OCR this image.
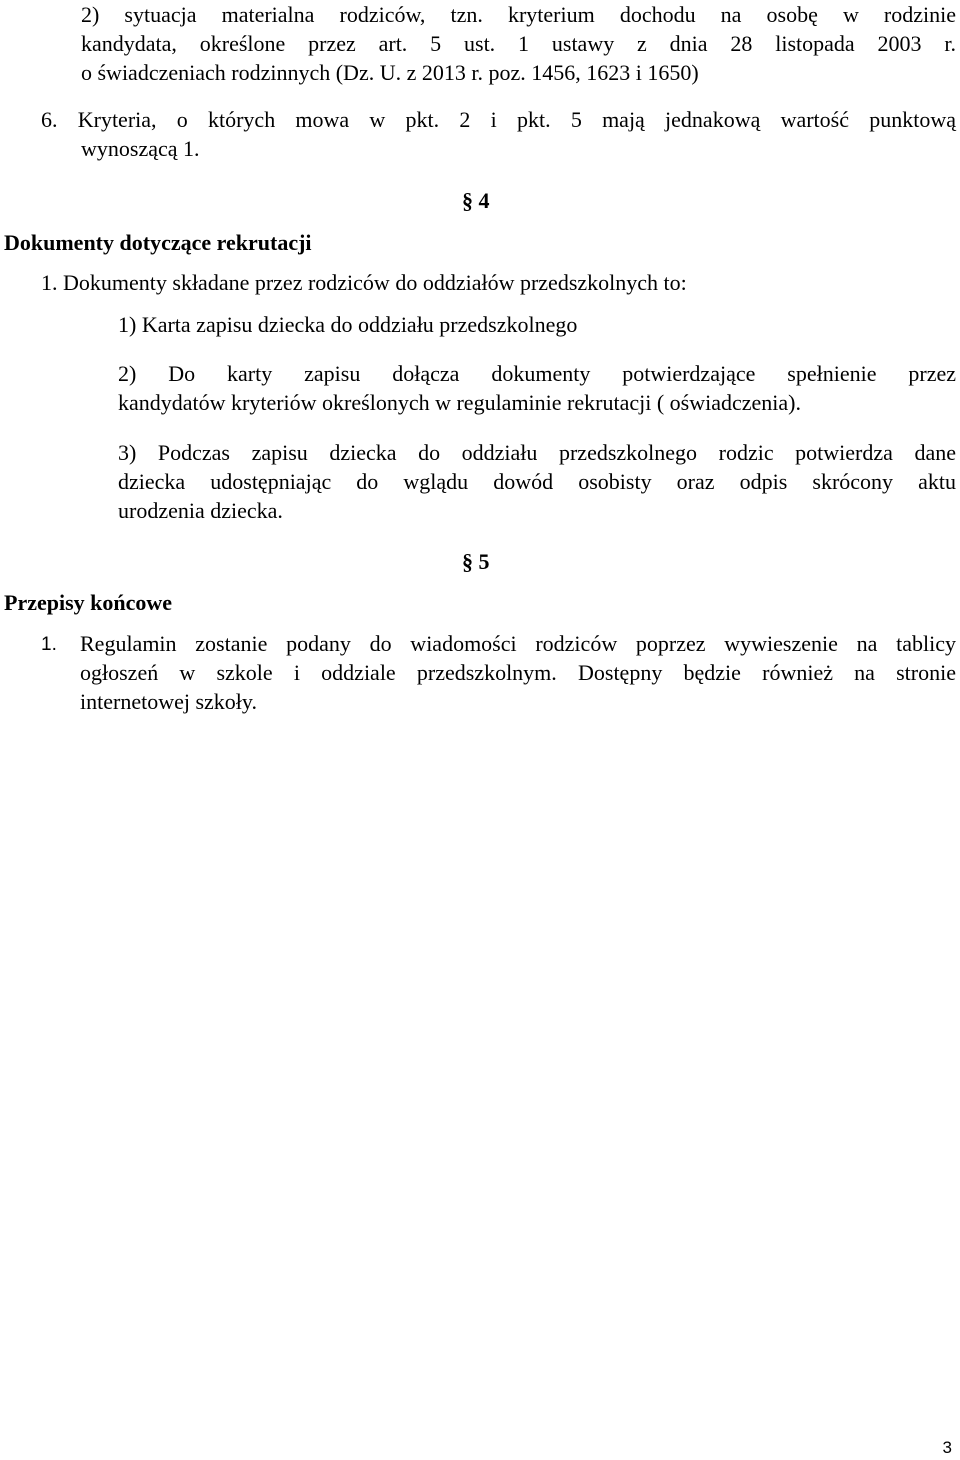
2) sytuacja materialna rodziców, tzn. kryterium dochodu na osobę w rodzinie
kandydata, określone przez art. 5 ust. 1 ustawy z dnia 28 listopada 2003 r.
o świadczeniach rodzinnych (Dz. U. z 2013 r. poz. 1456, 1623 i 1650)
6. Kryteria, o których mowa w pkt. 2 i pkt. 5 mają jednakową wartość punktową
wynoszącą 1.
§ 4
Dokumenty dotyczące rekrutacji
1. Dokumenty składane przez rodziców do oddziałów przedszkolnych to:
1) Karta zapisu dziecka do oddziału przedszkolnego
2) Do karty zapisu dołącza dokumenty potwierdzające spełnienie przez
kandydatów kryteriów określonych w regulaminie rekrutacji ( oświadczenia).
3) Podczas zapisu dziecka do oddziału przedszkolnego rodzic potwierdza dane
dziecka udostępniając do wglądu dowód osobisty oraz odpis skrócony aktu
urodzenia dziecka.
§ 5
Przepisy końcowe
1. Regulamin zostanie podany do wiadomości rodziców poprzez wywieszenie na tablicy
ogłoszeń w szkole i oddziale przedszkolnym. Dostępny będzie również na stronie
internetowej szkoły.
3
